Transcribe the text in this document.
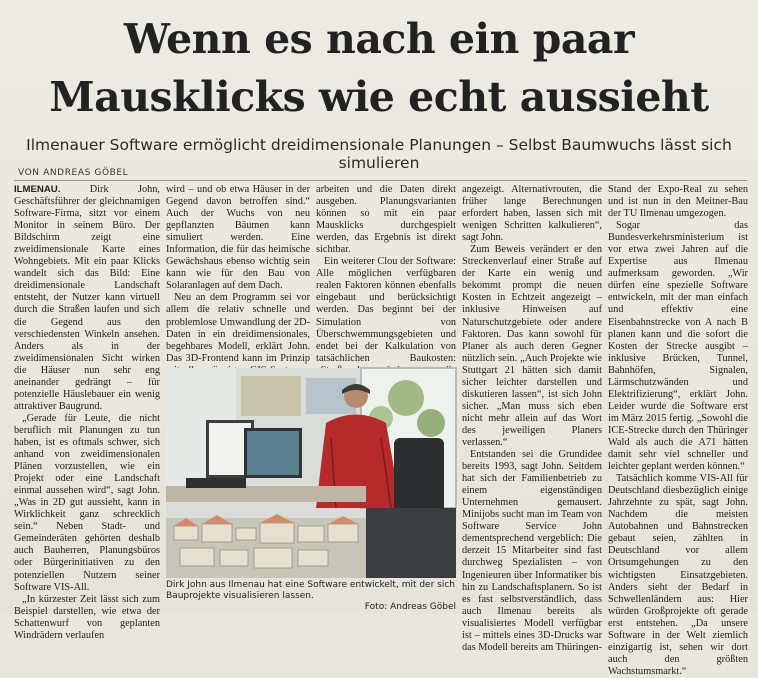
Wenn es nach ein paar
Mausklicks wie echt aussieht
Ilmenauer Software ermöglicht dreidimensionale Planungen – Selbst Baumwuchs lässt sich simulieren
VON ANDREAS GÖBEL

ILMENAU.	Dirk John, Geschäftsführer der gleichnamigen Software-Firma, sitzt vor einem Monitor in seinem Büro. Der Bildschirm zeigt eine zweidimensionale Karte eines Wohngebiets. Mit ein paar Klicks wandelt sich das Bild: Eine dreidimensionale Landschaft entsteht, der Nutzer kann virtuell durch die Straßen laufen und sich die Gegend aus den verschiedensten Winkeln ansehen. Anders als in der zweidimensionalen Sicht wirken die Häuser nun sehr eng aneinander gedrängt – für potenzielle Häuslebauer ein wenig attraktiver Baugrund.

„Gerade für Leute, die nicht beruflich mit Planungen zu tun haben, ist es oftmals schwer, sich anhand von zweidimensionalen Plänen vorzustellen, wie ein Projekt oder eine Landschaft einmal aussehen wird“, sagt John. „Was in 2D gut aussieht, kann in Wirklichkeit ganz schrecklich sein.“ Neben Stadt- und Gemeinderäten gehörten deshalb auch Bauherren, Planungsbüros oder Bürgerinitiativen zu den potenziellen Nutzern seiner Software VIS-All.

„In kürzester Zeit lässt sich zum Beispiel darstellen, wie etwa der Schattenwurf von geplanten Windrädern verlaufen

wird – und ob etwa Häuser in der Gegend davon betroffen sind.“ Auch der Wuchs von neu gepflanzten Bäumen kann simuliert werden. Eine Information, die für das heimische Gewächshaus ebenso wichtig sein kann wie für den Bau von Solaranlagen auf dem Dach.

Neu an dem Programm sei vor allem die relativ schnelle und problemlose Umwandlung der 2D-Daten in ein dreidimensionales, begehbares Modell, erklärt John. Das 3D-Frontend kann im Prinzip

arbeiten und die Daten direkt ausgeben. Planungsvarianten können so mit ein paar Mausklicks durchgespielt werden, das Ergebnis ist direkt sichtbar.

Ein weiterer Clou der Software: Alle möglichen verfügbaren realen Faktoren können ebenfalls eingebaut und berücksichtigt werden. Das beginnt bei der Simulation von Überschwemmungsgebieten und endet bei der Kalkulation von tatsächlichen Baukosten:

Dirk John aus Ilmenau hat eine Software entwickelt, mit der sich Bauprojekte visualisieren lassen.
Foto: Andreas Göbel

angezeigt. Alternativrouten, die früher lange Berechnungen erfordert haben, lassen sich mit wenigen Schritten kalkulieren“, sagt John.

Zum Beweis verändert er den Streckenverlauf einer Straße auf der Karte ein wenig und bekommt prompt die neuen Kosten in Echtzeit angezeigt – inklusive Hinweisen auf Naturschutzgebiete oder andere Faktoren. Das kann sowohl für Planer als auch deren Gegner nützlich sein. „Auch Projekte wie Stuttgart 21 hätten sich damit sicher leichter darstellen und diskutieren lassen“, ist sich John sicher. „Man muss sich eben nicht mehr allein auf das Wort des jeweiligen Planers verlassen.“

Entstanden sei die Grundidee bereits 1993, sagt John. Seitdem hat sich der Familienbetrieb zu einem eigenständigen Unternehmen gemausert. Minijobs sucht man im Team von Software Service John dementsprechend vergeblich: Die derzeit 15 Mitarbeiter sind fast durchweg Spezialisten – von Ingenieuren über Informatiker bis hin zu Landschaftsplanern. So ist es fast selbstverständlich, dass auch Ilmenau bereits als visualisiertes Modell verfügbar ist – mittels eines 3D-Drucks war das Modell bereits am Thüringen-

Stand der Expo-Real zu sehen und ist nun in den Meitner-Bau der TU Ilmenau umgezogen.

Sogar das Bundesverkehrsministerium ist vor etwa zwei Jahren auf die Expertise aus Ilmenau aufmerksam geworden. „Wir dürfen eine spezielle Software entwickeln, mit der man einfach und effektiv eine Eisenbahnstrecke von A nach B planen kann und die sofort die Kosten der Strecke ausgibt – inklusive Brücken, Tunnel, Bahnhöfen, Signalen, Lärmschutzwänden und Elektrifizierung“, erklärt John. Leider wurde die Software erst im März 2015 fertig. „Sowohl die ICE-Strecke durch den Thüringer Wald als auch die A71 hätten damit sehr viel schneller und leichter geplant werden können.“

Tatsächlich komme VIS-All für Deutschland diesbezüglich einige Jahrzehnte zu spät, sagt John. Nachdem die meisten Autobahnen und Bahnstrecken gebaut seien, zählten in Deutschland vor allem Ortsumgehungen zu den wichtigsten Einsatzgebieten. Anders sieht der Bedarf in Schwellenländern aus: Hier würden Großprojekte oft gerade erst entstehen. „Da unsere Software in der Welt ziemlich einzigartig ist, sehen wir dort auch den größten Wachstumsmarkt.“
